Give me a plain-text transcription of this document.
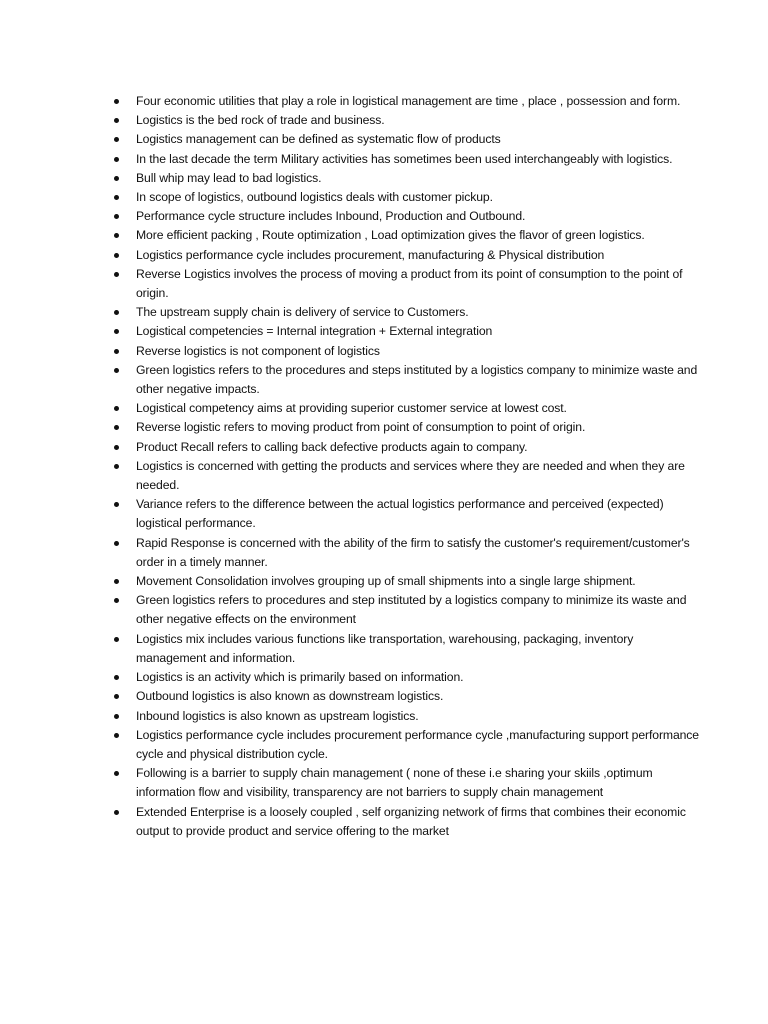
Four economic utilities that play a role in logistical management are time , place , possession and form.
Logistics is the bed rock of trade and business.
Logistics management can be defined as systematic flow of products
In the last decade the term Military activities has sometimes been used interchangeably with logistics.
Bull whip may lead to bad logistics.
In scope of logistics, outbound logistics deals with customer pickup.
Performance cycle structure includes Inbound, Production and Outbound.
More efficient packing , Route optimization , Load optimization gives the flavor of green logistics.
Logistics performance cycle includes procurement, manufacturing & Physical distribution
Reverse Logistics involves the process of moving a product from its point of consumption to the point of origin.
The upstream supply chain is delivery of service to Customers.
Logistical competencies = Internal integration + External integration
Reverse logistics is not component of logistics
Green logistics refers to the procedures and steps instituted by a logistics company to minimize waste and other negative impacts.
Logistical competency aims at providing superior customer service at lowest cost.
Reverse logistic refers to moving product from point of consumption to point of origin.
Product Recall refers to calling back defective products again to company.
Logistics is concerned with getting the products and services where they are needed and when they are needed.
Variance refers to the difference between the actual logistics performance and perceived (expected) logistical performance.
Rapid Response is concerned with the ability of the firm to satisfy the customer's requirement/customer's order in a timely manner.
Movement Consolidation involves grouping up of small shipments into a single large shipment.
Green logistics refers to procedures and step instituted by a logistics company to minimize its waste and other negative effects on the environment
Logistics mix includes various functions like transportation, warehousing, packaging, inventory management and information.
Logistics is an activity which is primarily based on information.
Outbound logistics is also known as downstream logistics.
Inbound logistics is also known as upstream logistics.
Logistics performance cycle includes procurement performance cycle ,manufacturing support performance cycle and physical distribution cycle.
Following is a barrier to supply chain management ( none of these i.e sharing your skiils ,optimum information flow and visibility, transparency are not barriers to supply chain management
Extended Enterprise is a loosely coupled , self organizing network of firms that combines their economic output to provide product and service offering to the market
